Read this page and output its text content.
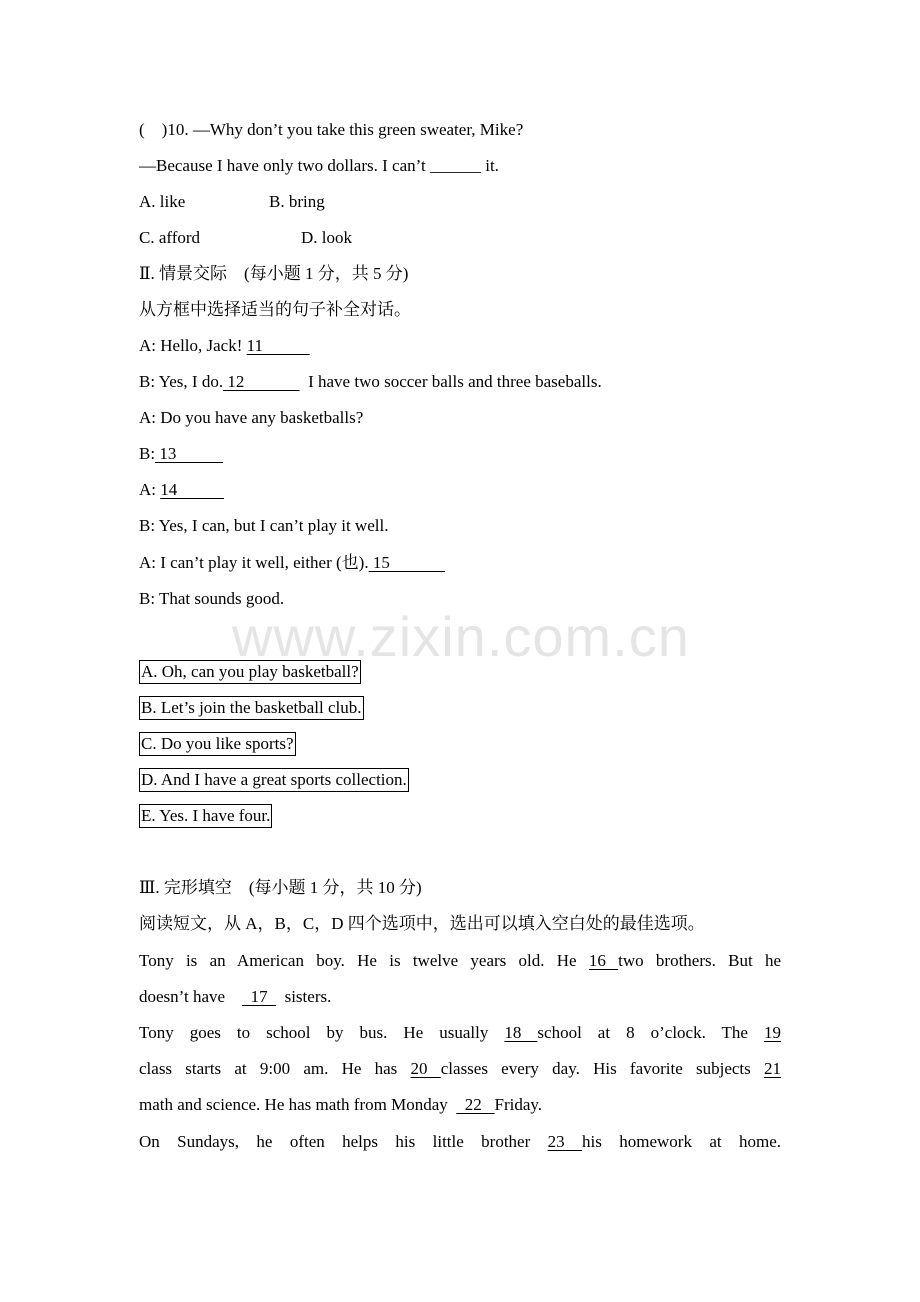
(    )10. —Why don’t you take this green sweater, Mike?
—Because I have only two dollars. I can’t ______ it.
A. like	B. bring
C. afford	D. look
Ⅱ. 情景交际    (每小题 1 分，共 5 分)
从方框中选择适当的句子补全对话。
A: Hello, Jack! 11
B: Yes, I do. 12               I have two soccer balls and three baseballs.
A: Do you have any basketballs?
B: 13
A: 14
B: Yes, I can, but I can’t play it well.
A: I can’t play it well, either (也). 15
B: That sounds good.
www.zixin.com.cn
A. Oh, can you play basketball?
B. Let’s join the basketball club.
C. Do you like sports?
D. And I have a great sports collection.
E. Yes. I have four.
Ⅲ. 完形填空    (每小题 1 分，共 10 分)
阅读短文，从 A，B，C，D 四个选项中，选出可以填入空白处的最佳选项。
Tony is an American boy. He is twelve years old. He 16 two brothers. But he
doesn’t have      17    sisters.
Tony goes to school by bus. He usually 18 school at 8 o’clock. The 19
class starts at 9:00 am. He has 20 classes every day. His favorite subjects 21
math and science. He has math from Monday    22   Friday.
On Sundays, he often helps his little brother 23 his homework at home.
